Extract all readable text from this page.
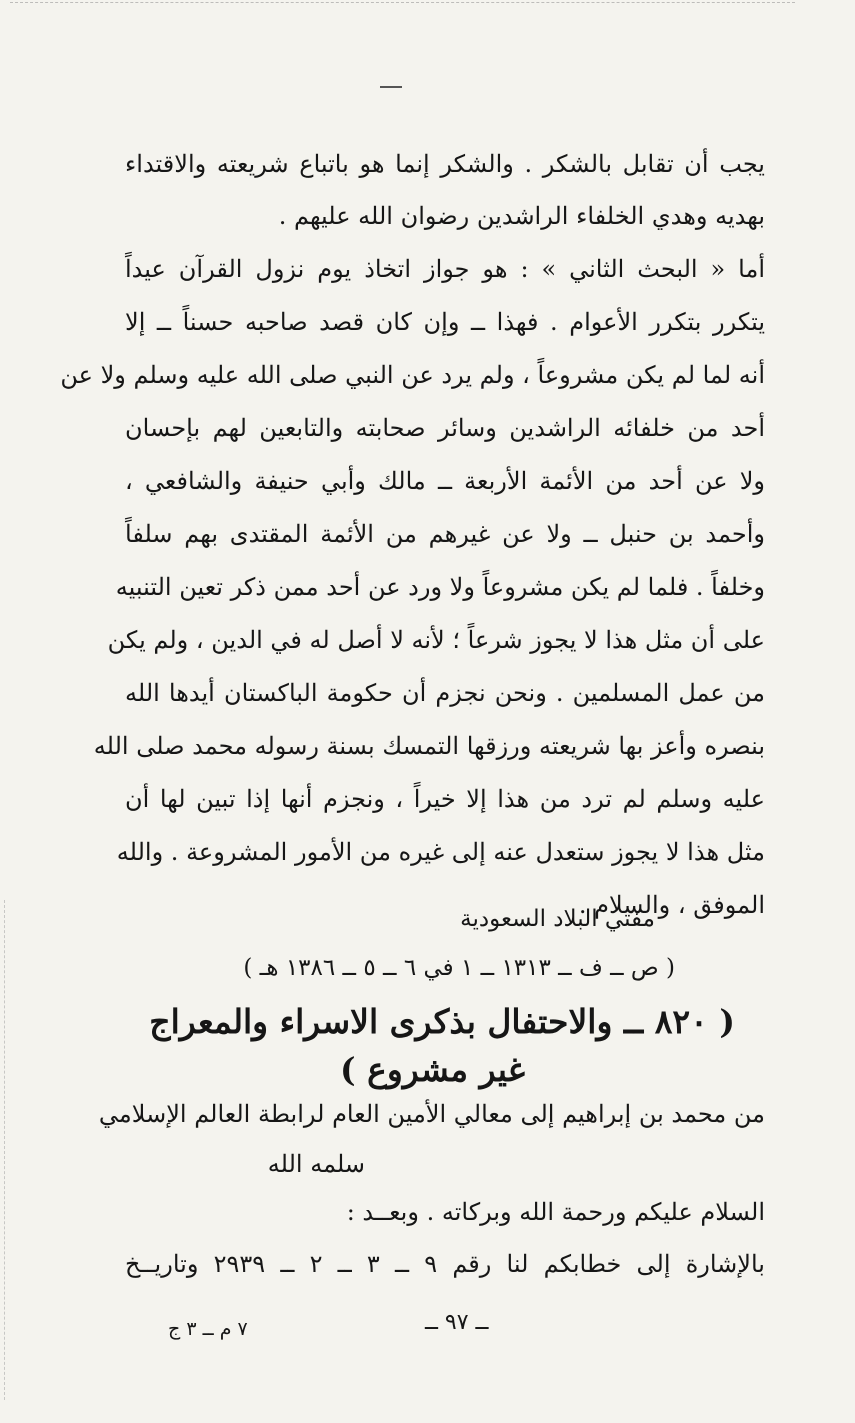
يجب أن تقابل بالشكر . والشكر إنما هو باتباع شريعته والاقتداء
بهديه وهدي الخلفاء الراشدين رضوان الله عليهم .
أما « البحث الثاني » : هو جواز اتخاذ يوم نزول القرآن عيداً
يتكرر بتكرر الأعوام . فهذا ــ وإن كان قصد صاحبه حسناً ــ إلا
أنه لما لم يكن مشروعاً ، ولم يرد عن النبي صلى الله عليه وسلم ولا عن
أحد من خلفائه الراشدين وسائر صحابته والتابعين لهم بإحسان
ولا عن أحد من الأئمة الأربعة ــ مالك وأبي حنيفة والشافعي ،
وأحمد بن حنبل ــ ولا عن غيرهم من الأئمة المقتدى بهم سلفاً
وخلفاً . فلما لم يكن مشروعاً ولا ورد عن أحد ممن ذكر تعين التنبيه
على أن مثل هذا لا يجوز شرعاً ؛ لأنه لا أصل له في الدين ، ولم يكن
من عمل المسلمين . ونحن نجزم أن حكومة الباكستان أيدها الله
بنصره وأعز بها شريعته ورزقها التمسك بسنة رسوله محمد صلى الله
عليه وسلم لم ترد من هذا إلا خيراً ، ونجزم أنها إذا تبين لها أن
مثل هذا لا يجوز ستعدل عنه إلى غيره من الأمور المشروعة . والله
الموفق ، والسلام .
مفتي البلاد السعودية
( ص ــ ف ــ ١٣١٣ ــ ١ في ٦ ــ ٥ ــ ١٣٨٦ هـ )
( ٨٢٠ ــ والاحتفال بذكرى الاسراء والمعراج
غير مشروع )
من محمد بن إبراهيم إلى معالي الأمين العام لرابطة العالم الإسلامي
سلمه الله
السلام عليكم ورحمة الله وبركاته . وبعــد :
بالإشارة إلى خطابكم لنا رقم ٩ ــ ٣ ــ ٢ ــ ٢٩٣٩ وتاريــخ
ــ ٩٧ ــ
٧ م ــ ٣ ج
